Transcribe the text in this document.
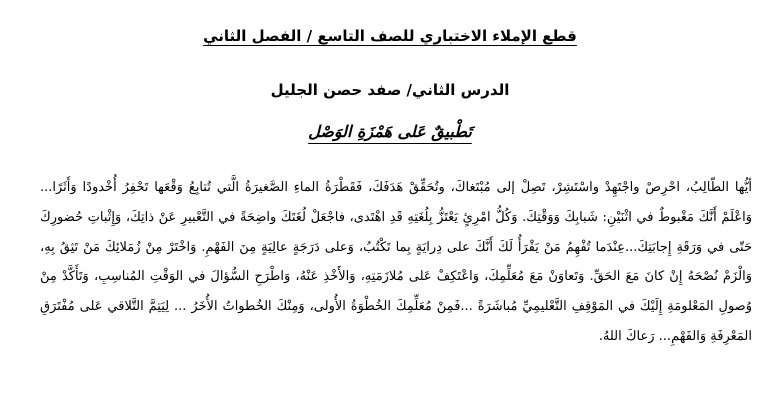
قطع الإملاء الاختباري للصف التاسع / الفصل الثاني
الدرس الثاني/ صفد حصن الجليل
تَطْبيقٌ عَلى هَمْزَةِ الوَصْل

أيُّها الطّالِبُ، احْرِصْ واجْتَهِدْ واسْتَشِرْ، تَصِلْ إلى مُبْتَغاكَ، وتُحَقِّقْ هَدَفَكَ، فَقَطْرَةُ الماءِ الصَّغيرَةُ الَّتي تُتابِعُ وَقْعَها تَحْفِرُ أُخْدودًا وَأَثَرًا... وَاعْلَمْ أَنَّكَ مَغْبوطٌ في اثْنَيْنِ: شَبابِكَ وَوَقْتِكَ. وَكُلُّ امْرِئٍ يَعْتَزُّ بِلُغَتِهِ قَدِ اهْتَدى، فاجْعَلْ لُغَتَكَ واضِحَةً في التَّعْبيرِ عَنْ ذاتِكَ، وَإِثْباتِ حُضورِكَ حَتّى في وَرَقَةِ إِجابَتِكَ...عِنْدَما تُفْهِمُ مَنْ يَقْرَأُ لَكَ أَنَّكَ على دِرايَةٍ بِما تَكْتُبُ، وَعلى دَرَجَةٍ عالِيَةٍ مِنَ الفَهْمِ. وَاخْتَرْ مِنْ زُمَلائِكَ مَنْ تَثِقُ بِهِ، وَالْزَمْ نُصْحَهُ إِنْ كانَ مَعَ الحَقِّ. وَتَعاوَنْ مَعَ مُعَلِّمِكَ، وَاعْتَكِفْ عَلى مُلازَمَتِهِ، وَالأَخْذِ عَنْهُ، وَاطْرَحِ السُّؤالَ في الوَقْتِ المُناسِبِ، وَتَأَكَّدْ مِنْ وُصولِ المَعْلومَةِ إِلَيْكَ في المَوْقِفِ التَّعْليمِيِّ مُباشَرَةً ...فَمِنْ مُعَلِّمِكَ الخُطْوَةُ الأُولى، وَمِنْكَ الخُطواتُ الأُخَرُ ... لِيَتِمَّ التَّلاقي عَلى مُفْتَرَقِ المَعْرِفَةِ وَالفَهْمِ... رَعاكَ اللهُ.
